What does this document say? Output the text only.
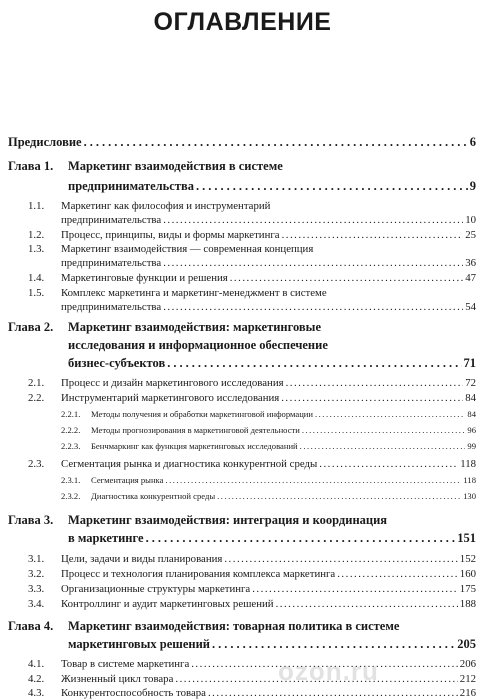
ОГЛАВЛЕНИЕ
Предисловие .....	6
Глава 1. Маркетинг взаимодействия в системе
предпринимательства .....	9
1.1. Маркетинг как философия и инструментарий
предпринимательства .....	10
1.2. Процесс, принципы, виды и формы маркетинга .....	25
1.3. Маркетинг взаимодействия — современная концепция
предпринимательства .....	36
1.4. Маркетинговые функции и решения .....	47
1.5. Комплекс маркетинга и маркетинг-менеджмент в системе
предпринимательства .....	54
Глава 2. Маркетинг взаимодействия: маркетинговые
исследования и информационное обеспечение
бизнес-субъектов .....	71
2.1. Процесс и дизайн маркетингового исследования .....	72
2.2. Инструментарий маркетингового исследования .....	84
2.2.1. Методы получения и обработки маркетинговой информации .....	84
2.2.2. Методы прогнозирования в маркетинговой деятельности .....	96
2.2.3. Бенчмаркинг как функция маркетинговых исследований .....	99
2.3. Сегментация рынка и диагностика конкурентной среды .....	118
2.3.1. Сегментация рынка .....	118
2.3.2. Диагностика конкурентной среды .....	130
Глава 3. Маркетинг взаимодействия: интеграция и координация
в маркетинге .....	151
3.1. Цели, задачи и виды планирования .....	152
3.2. Процесс и технология планирования комплекса маркетинга .....	160
3.3. Организационные структуры маркетинга .....	175
3.4. Контроллинг и аудит маркетинговых решений .....	188
Глава 4. Маркетинг взаимодействия: товарная политика в системе
маркетинговых решений .....	205
4.1. Товар в системе маркетинга .....	206
4.2. Жизненный цикл товара .....	212
4.3. Конкурентоспособность товара .....	216
ozon.ru
